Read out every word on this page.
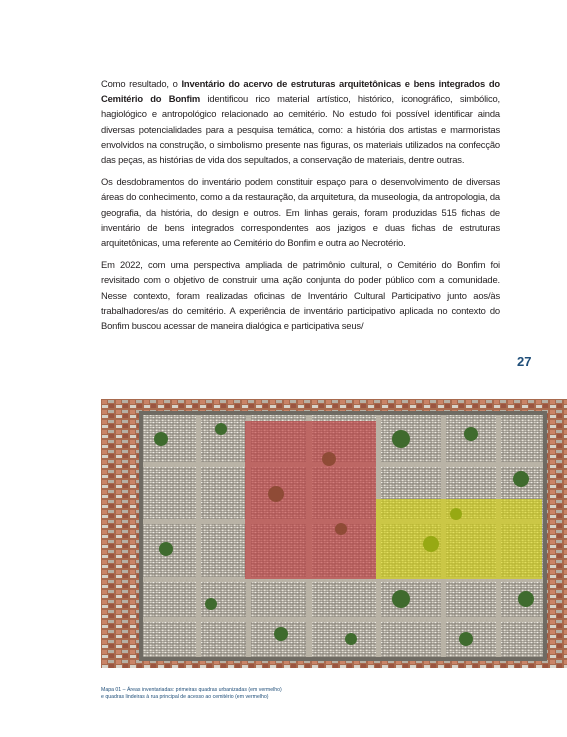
Como resultado, o Inventário do acervo de estruturas arquitetônicas e bens integrados do Cemitério do Bonfim identificou rico material artístico, histórico, iconográfico, simbólico, hagiológico e antropológico relacionado ao cemitério. No estudo foi possível identificar ainda diversas potencialidades para a pesquisa temática, como: a história dos artistas e marmoristas envolvidos na construção, o simbolismo presente nas figuras, os materiais utilizados na confecção das peças, as histórias de vida dos sepultados, a conservação de materiais, dentre outras.

Os desdobramentos do inventário podem constituir espaço para o desenvolvimento de diversas áreas do conhecimento, como a da restauração, da arquitetura, da museologia, da antropologia, da geografia, da história, do design e outros. Em linhas gerais, foram produzidas 515 fichas de inventário de bens integrados correspondentes aos jazigos e duas fichas de estruturas arquitetônicas, uma referente ao Cemitério do Bonfim e outra ao Necrotério.

Em 2022, com uma perspectiva ampliada de patrimônio cultural, o Cemitério do Bonfim foi revisitado com o objetivo de construir uma ação conjunta do poder público com a comunidade. Nesse contexto, foram realizadas oficinas de Inventário Cultural Participativo junto aos/às trabalhadores/as do cemitério. A experiência de inventário participativo aplicada no contexto do Bonfim buscou acessar de maneira dialógica e participativa seus/

27
Mapa 01 – Áreas inventariadas: primeiras quadras urbanizadas (em vermelho)
e quadras lindeiras à rua principal de acesso ao cemitério (em vermelho)
